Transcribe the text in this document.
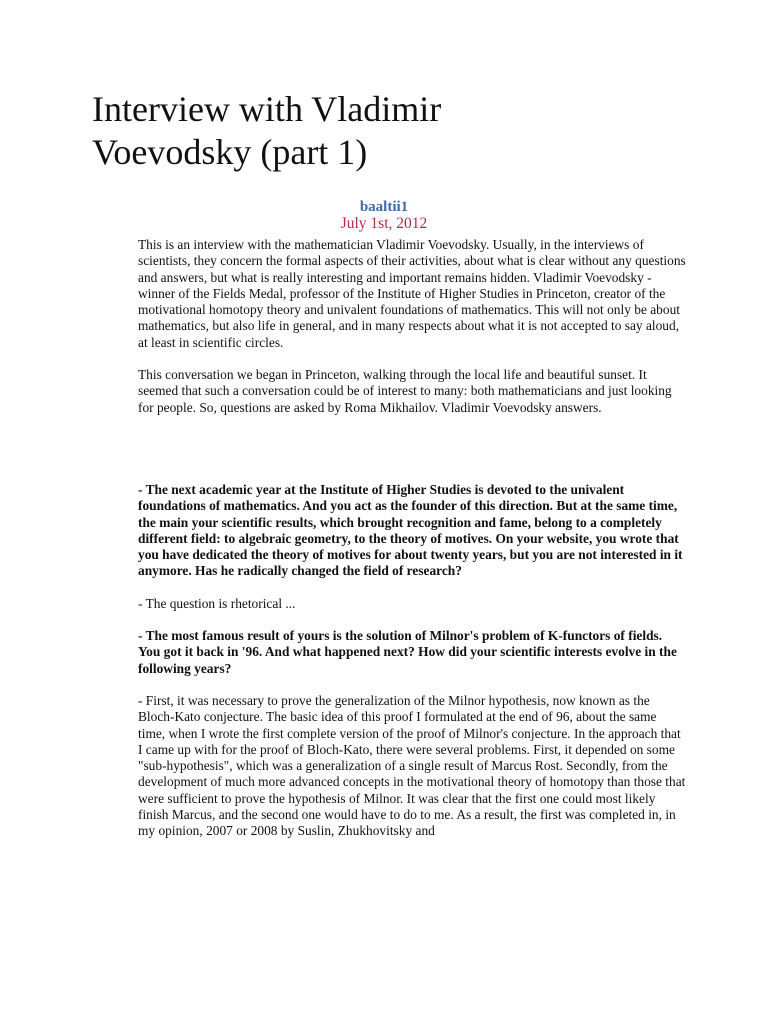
Interview with Vladimir
Voevodsky (part 1)
baaltii1
July 1st, 2012

This is an interview with the mathematician Vladimir Voevodsky. Usually, in the interviews of scientists, they concern the formal aspects of their activities, about what is clear without any questions and answers, but what is really interesting and important remains hidden. Vladimir Voevodsky - winner of the Fields Medal, professor of the Institute of Higher Studies in Princeton, creator of the motivational homotopy theory and univalent foundations of mathematics. This will not only be about mathematics, but also life in general, and in many respects about what it is not accepted to say aloud, at least in scientific circles.

This conversation we began in Princeton, walking through the local life and beautiful sunset. It seemed that such a conversation could be of interest to many: both mathematicians and just looking for people. So, questions are asked by Roma Mikhailov. Vladimir Voevodsky answers.

- The next academic year at the Institute of Higher Studies is devoted to the univalent foundations of mathematics. And you act as the founder of this direction. But at the same time, the main your scientific results, which brought recognition and fame, belong to a completely different field: to algebraic geometry, to the theory of motives. On your website, you wrote that you have dedicated the theory of motives for about twenty years, but you are not interested in it anymore. Has he radically changed the field of research?

- The question is rhetorical ...

- The most famous result of yours is the solution of Milnor's problem of K-functors of fields. You got it back in '96. And what happened next? How did your scientific interests evolve in the following years?

- First, it was necessary to prove the generalization of the Milnor hypothesis, now known as the Bloch-Kato conjecture. The basic idea of this proof I formulated at the end of 96, about the same time, when I wrote the first complete version of the proof of Milnor's conjecture. In the approach that I came up with for the proof of Bloch-Kato, there were several problems. First, it depended on some "sub-hypothesis", which was a generalization of a single result of Marcus Rost. Secondly, from the development of much more advanced concepts in the motivational theory of homotopy than those that were sufficient to prove the hypothesis of Milnor. It was clear that the first one could most likely finish Marcus, and the second one would have to do to me. As a result, the first was completed in, in my opinion, 2007 or 2008 by Suslin, Zhukhovitsky and
